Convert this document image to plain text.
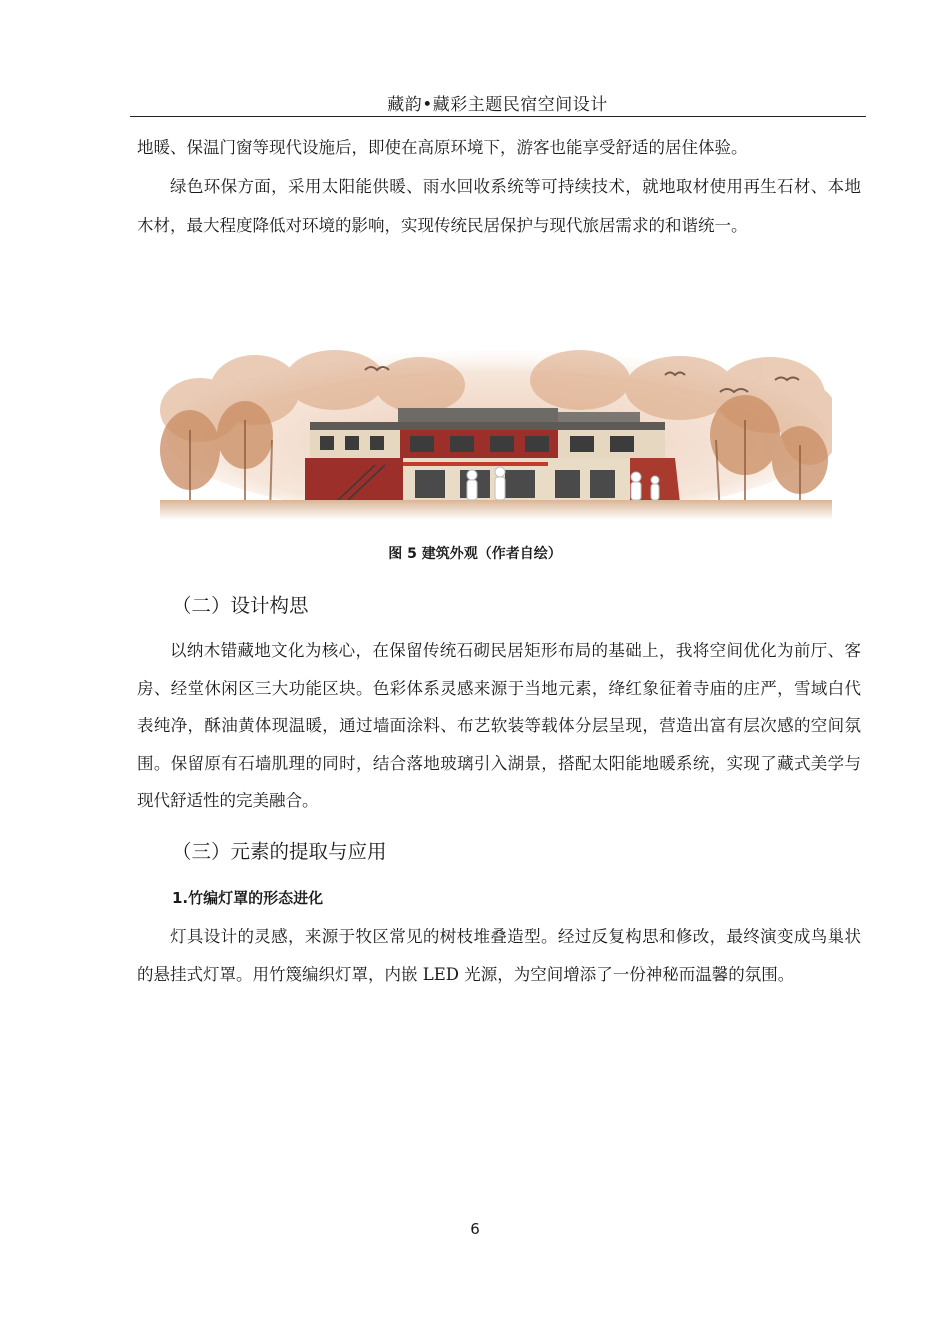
藏韵•藏彩主题民宿空间设计

地暖、保温门窗等现代设施后，即使在高原环境下，游客也能享受舒适的居住体验。

绿色环保方面，采用太阳能供暖、雨水回收系统等可持续技术，就地取材使用再生石材、本地木材，最大程度降低对环境的影响，实现传统民居保护与现代旅居需求的和谐统一。

图 5 建筑外观（作者自绘）
（二）设计构思

以纳木错藏地文化为核心，在保留传统石砌民居矩形布局的基础上，我将空间优化为前厅、客房、经堂休闲区三大功能区块。色彩体系灵感来源于当地元素，绛红象征着寺庙的庄严，雪域白代表纯净，酥油黄体现温暖，通过墙面涂料、布艺软装等载体分层呈现，营造出富有层次感的空间氛围。保留原有石墙肌理的同时，结合落地玻璃引入湖景，搭配太阳能地暖系统，实现了藏式美学与现代舒适性的完美融合。

（三）元素的提取与应用
1.竹编灯罩的形态进化

灯具设计的灵感，来源于牧区常见的树枝堆叠造型。经过反复构思和修改，最终演变成鸟巢状的悬挂式灯罩。用竹篾编织灯罩，内嵌 LED 光源，为空间增添了一份神秘而温馨的氛围。

6
